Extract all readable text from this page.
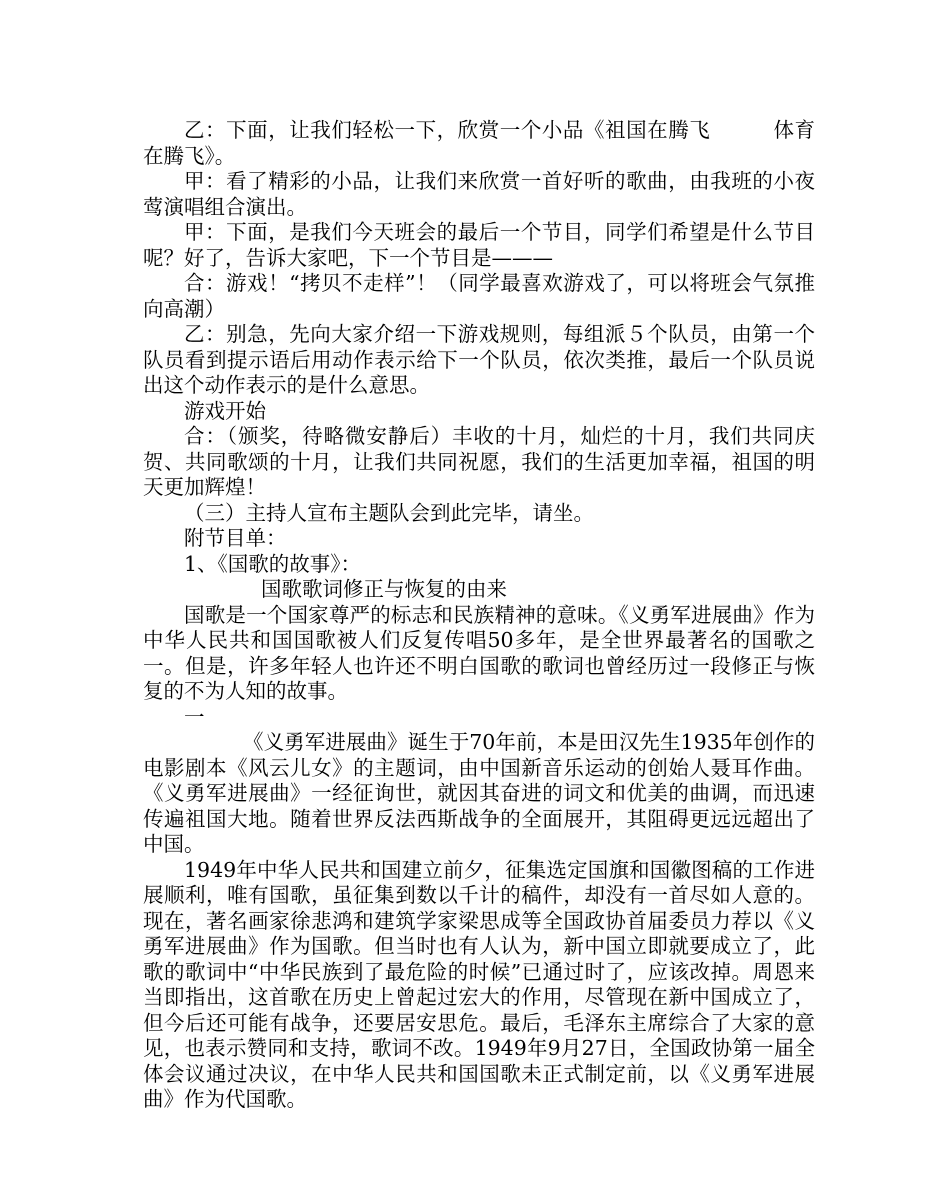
乙：下面，让我们轻松一下，欣赏一个小品《祖国在腾飞　　　体育在腾飞》。

甲：看了精彩的小品，让我们来欣赏一首好听的歌曲，由我班的小夜莺演唱组合演出。

甲：下面，是我们今天班会的最后一个节目，同学们希望是什么节目呢？好了，告诉大家吧，下一个节目是———

合：游戏！“拷贝不走样”！（同学最喜欢游戏了，可以将班会气氛推向高潮）

乙：别急，先向大家介绍一下游戏规则，每组派５个队员，由第一个队员看到提示语后用动作表示给下一个队员，依次类推，最后一个队员说出这个动作表示的是什么意思。

游戏开始

合：（颁奖，待略微安静后）丰收的十月，灿烂的十月，我们共同庆贺、共同歌颂的十月，让我们共同祝愿，我们的生活更加幸福，祖国的明天更加辉煌！

（三）主持人宣布主题队会到此完毕，请坐。

附节目单：

1、《国歌的故事》：

国歌歌词修正与恢复的由来

国歌是一个国家尊严的标志和民族精神的意味。《义勇军进展曲》作为中华人民共和国国歌被人们反复传唱50多年，是全世界最著名的国歌之一。但是，许多年轻人也许还不明白国歌的歌词也曾经历过一段修正与恢复的不为人知的故事。

一

《义勇军进展曲》诞生于70年前，本是田汉先生1935年创作的电影剧本《风云儿女》的主题词，由中国新音乐运动的创始人聂耳作曲。《义勇军进展曲》一经征询世，就因其奋进的词文和优美的曲调，而迅速传遍祖国大地。随着世界反法西斯战争的全面展开，其阻碍更远远超出了中国。

1949年中华人民共和国建立前夕，征集选定国旗和国徽图稿的工作进展顺利，唯有国歌，虽征集到数以千计的稿件，却没有一首尽如人意的。现在，著名画家徐悲鸿和建筑学家梁思成等全国政协首届委员力荐以《义勇军进展曲》作为国歌。但当时也有人认为，新中国立即就要成立了，此歌的歌词中“中华民族到了最危险的时候”已通过时了，应该改掉。周恩来当即指出，这首歌在历史上曾起过宏大的作用，尽管现在新中国成立了，但今后还可能有战争，还要居安思危。最后，毛泽东主席综合了大家的意见，也表示赞同和支持，歌词不改。1949年9月27日，全国政协第一届全体会议通过决议，在中华人民共和国国歌未正式制定前，以《义勇军进展曲》作为代国歌。
